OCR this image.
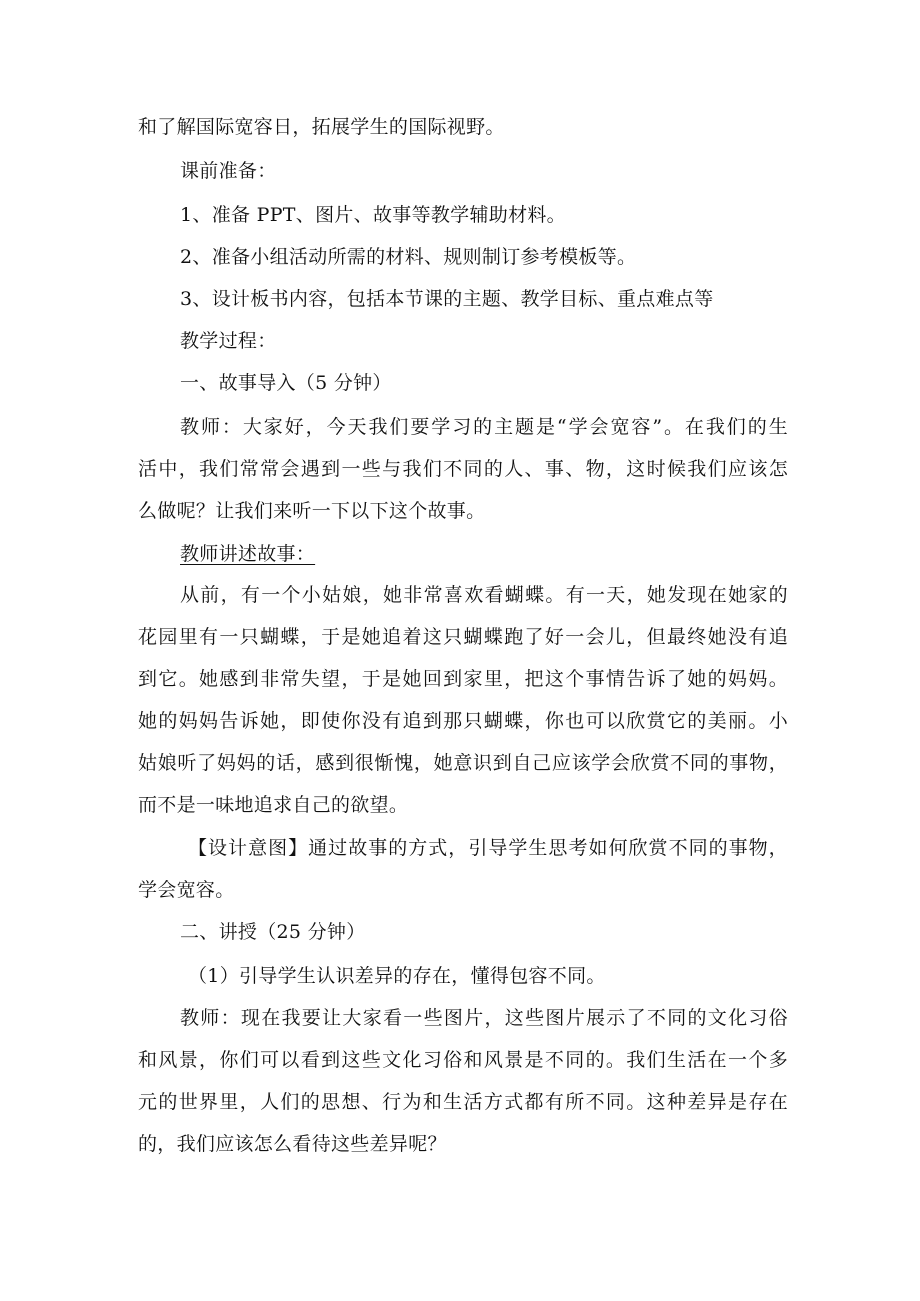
和了解国际宽容日，拓展学生的国际视野。
课前准备：
1、准备 PPT、图片、故事等教学辅助材料。
2、准备小组活动所需的材料、规则制订参考模板等。
3、设计板书内容，包括本节课的主题、教学目标、重点难点等
教学过程：
一、故事导入（5 分钟）
教师：大家好，今天我们要学习的主题是“学会宽容”。在我们的生
活中，我们常常会遇到一些与我们不同的人、事、物，这时候我们应该怎
么做呢？让我们来听一下以下这个故事。
教师讲述故事：
从前，有一个小姑娘，她非常喜欢看蝴蝶。有一天，她发现在她家的
花园里有一只蝴蝶，于是她追着这只蝴蝶跑了好一会儿，但最终她没有追
到它。她感到非常失望，于是她回到家里，把这个事情告诉了她的妈妈。
她的妈妈告诉她，即使你没有追到那只蝴蝶，你也可以欣赏它的美丽。小
姑娘听了妈妈的话，感到很惭愧，她意识到自己应该学会欣赏不同的事物，
而不是一味地追求自己的欲望。
【设计意图】通过故事的方式，引导学生思考如何欣赏不同的事物，
学会宽容。
二、讲授（25 分钟）
（1）引导学生认识差异的存在，懂得包容不同。
教师：现在我要让大家看一些图片，这些图片展示了不同的文化习俗
和风景，你们可以看到这些文化习俗和风景是不同的。我们生活在一个多
元的世界里，人们的思想、行为和生活方式都有所不同。这种差异是存在
的，我们应该怎么看待这些差异呢？
